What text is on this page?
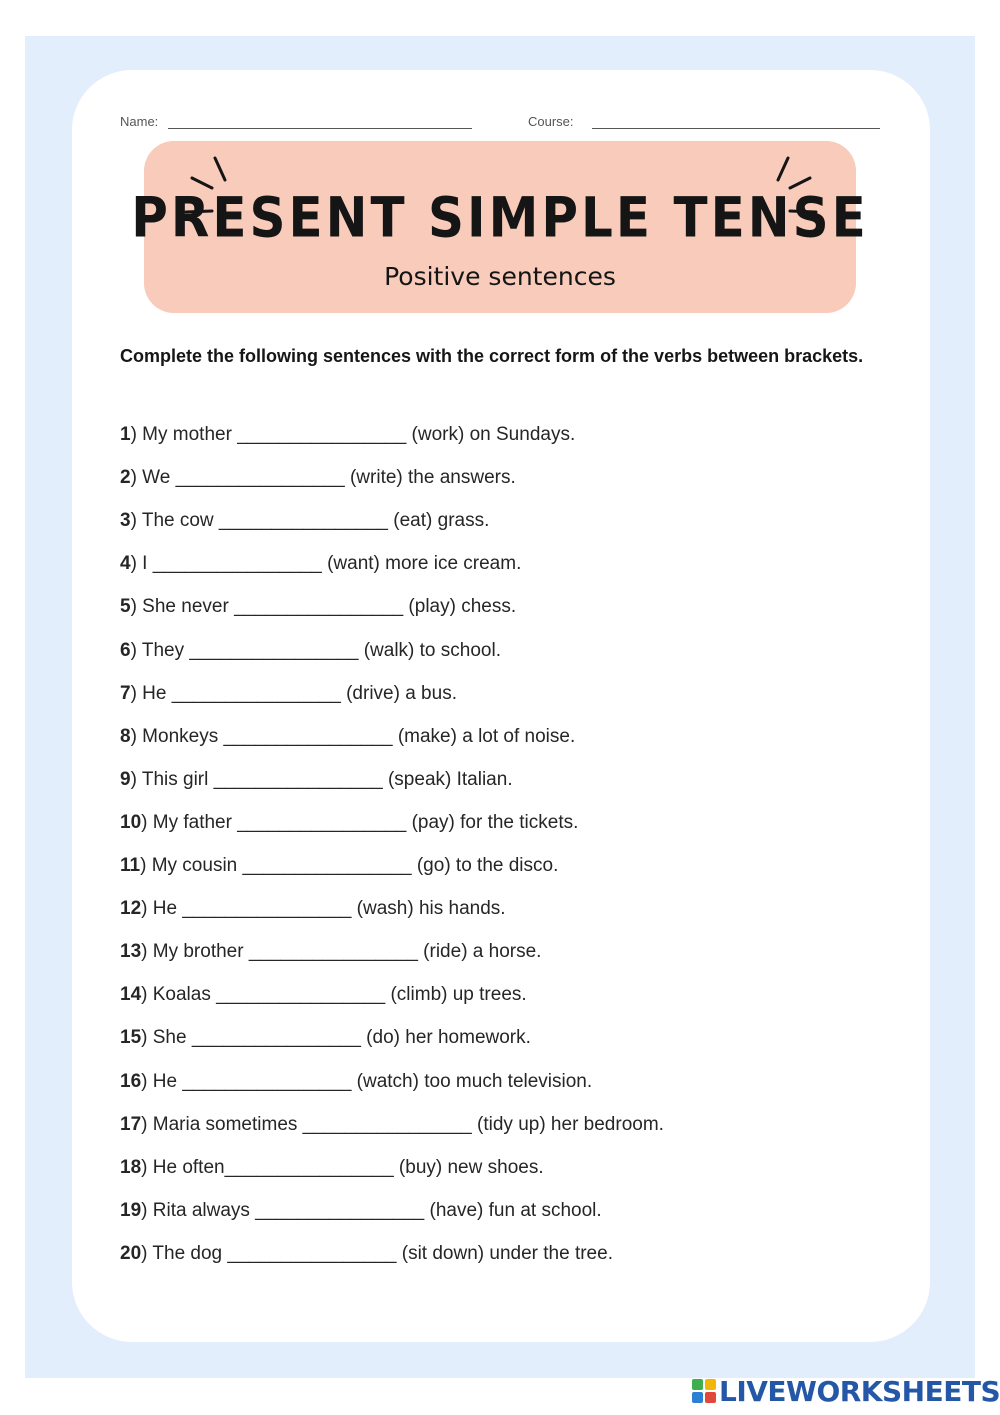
Name:	Course:
PRESENT SIMPLE TENSE
Positive sentences
Complete the following sentences with the correct form of the verbs between brackets.
1) My mother ________________ (work) on Sundays.
2) We ________________ (write) the answers.
3) The cow ________________ (eat) grass.
4) I ________________ (want) more ice cream.
5) She never ________________ (play) chess.
6) They ________________ (walk) to school.
7) He ________________ (drive) a bus.
8) Monkeys ________________ (make) a lot of noise.
9) This girl ________________ (speak) Italian.
10) My father ________________ (pay) for the tickets.
11) My cousin ________________ (go) to the disco.
12) He ________________ (wash) his hands.
13) My brother ________________ (ride) a horse.
14) Koalas ________________ (climb) up trees.
15) She ________________ (do) her homework.
16) He ________________ (watch) too much television.
17) Maria sometimes ________________ (tidy up) her bedroom.
18) He often________________ (buy) new shoes.
19) Rita always ________________ (have) fun at school.
20) The dog ________________ (sit down) under the tree.
LIVEWORKSHEETS
